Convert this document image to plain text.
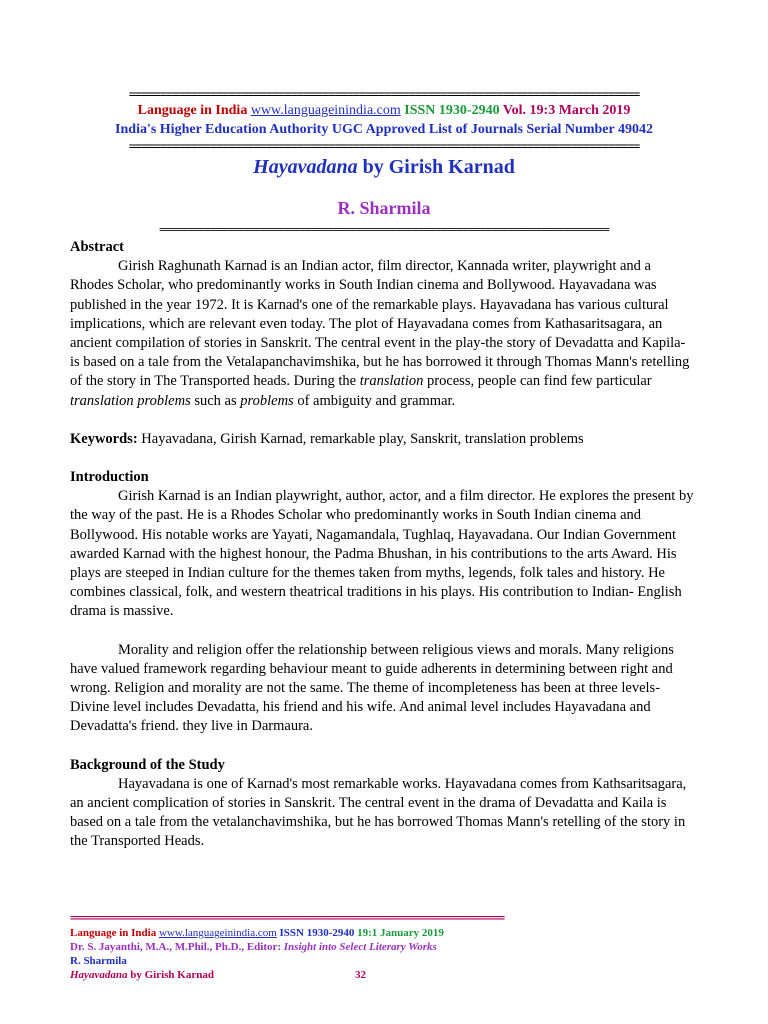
==================================================================================
Language in India www.languageinindia.com ISSN 1930-2940 Vol. 19:3 March 2019
India's Higher Education Authority UGC Approved List of Journals Serial Number 49042
==================================================================================
Hayavadana by Girish Karnad
R. Sharmila
================================================================================

Abstract

Girish Raghunath Karnad is an Indian actor, film director, Kannada writer, playwright and a Rhodes Scholar, who predominantly works in South Indian cinema and Bollywood. Hayavadana was published in the year 1972. It is Karnad's one of the remarkable plays. Hayavadana has various cultural implications, which are relevant even today. The plot of Hayavadana comes from Kathasaritsagara, an ancient compilation of stories in Sanskrit. The central event in the play-the story of Devadatta and Kapila- is based on a tale from the Vetalapanchavimshika, but he has borrowed it through Thomas Mann's retelling of the story in The Transported heads. During the translation process, people can find few particular translation problems such as problems of ambiguity and grammar.

Keywords: Hayavadana, Girish Karnad, remarkable play, Sanskrit, translation problems

Introduction

Girish Karnad is an Indian playwright, author, actor, and a film director. He explores the present by the way of the past. He is a Rhodes Scholar who predominantly works in South Indian cinema and Bollywood. His notable works are Yayati, Nagamandala, Tughlaq, Hayavadana. Our Indian Government awarded Karnad with the highest honour, the Padma Bhushan, in his contributions to the arts Award. His plays are steeped in Indian culture for the themes taken from myths, legends, folk tales and history. He combines classical, folk, and western theatrical traditions in his plays. His contribution to Indian- English drama is massive.

Morality and religion offer the relationship between religious views and morals. Many religions have valued framework regarding behaviour meant to guide adherents in determining between right and wrong. Religion and morality are not the same. The theme of incompleteness has been at three levels- Divine level includes Devadatta, his friend and his wife. And animal level includes Hayavadana and Devadatta's friend. they live in Darmaura.

Background of the Study

Hayavadana is one of Karnad's most remarkable works. Hayavadana comes from Kathsaritsagara, an ancient complication of stories in Sanskrit. The central event in the drama of Devadatta and Kaila is based on a tale from the vetalanchavimshika, but he has borrowed Thomas Mann's retelling of the story in the Transported Heads.

==========================================================================================
Language in India www.languageinindia.com ISSN 1930-2940 19:1 January 2019
Dr. S. Jayanthi, M.A., M.Phil., Ph.D., Editor: Insight into Select Literary Works
R. Sharmila
Hayavadana by Girish Karnad	32
